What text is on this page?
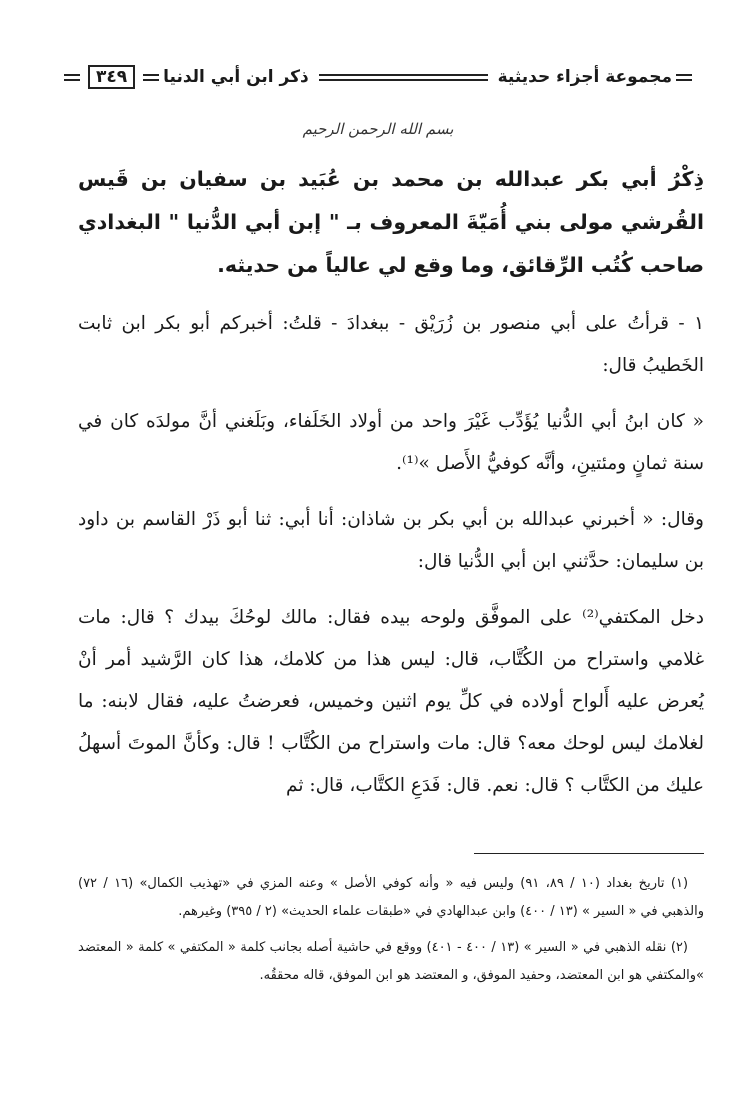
مجموعة أجزاء حديثية
ذكر ابن أبي الدنيا
٣٤٩
بسم الله الرحمن الرحيم

ذِكْرُ أبي بكر عبدالله بن محمد بن عُبَيد بن سفيان بن قَيس القُرشي مولى بني أُمَيّةَ المعروف بـ " إبن أبي الدُّنيا " البغدادي صاحب كُتُب الرِّقائق، وما وقع لي عالياً من حديثه.

١ - قرأتُ على أبي منصور بن زُرَيْق - ببغدادَ - قلتُ: أخبركم أبو بكر ابن ثابت الخَطيبُ قال:

« كان ابنُ أبي الدُّنيا يُؤَدِّب غَيْرَ واحد من أولاد الخَلَفاء، وبَلَغني أنَّ مولدَه كان في سنة ثمانٍ ومئتينِ، وأنَّه كوفيُّ الأَصل »⁽¹⁾.

وقال: « أخبرني عبدالله بن أبي بكر بن شاذان: أنا أبي: ثنا أبو ذَرْ القاسم بن داود بن سليمان: حدَّثني ابن أبي الدُّنيا قال:

دخل المكتفي⁽²⁾ على الموفَّق ولوحه بيده فقال: مالك لوحُكَ بيدك ؟ قال: مات غلامي واستراح من الكُتَّاب، قال: ليس هذا من كلامك، هذا كان الرَّشيد أمر أنْ يُعرض عليه أَلواح أولاده في كلِّ يوم اثنين وخميس، فعرضتُ عليه، فقال لابنه: ما لغلامك ليس لوحك معه؟ قال: مات واستراح من الكُتَّاب ! قال: وكأنَّ الموتَ أسهلُ عليك من الكتَّاب ؟ قال: نعم. قال: فَدَعِ الكتَّاب، قال: ثم

(١) تاريخ بغداد (١٠ / ٨٩، ٩١) وليس فيه « وأنه كوفي الأصل » وعنه المزي في «تهذيب الكمال» (١٦ / ٧٢) والذهبي في « السير » (١٣ / ٤٠٠) وابن عبدالهادي في «طبقات علماء الحديث» (٢ / ٣٩٥) وغيرهم.

(٢) نقله الذهبي في « السير » (١٣ / ٤٠٠ - ٤٠١) ووقع في حاشية أصله بجانب كلمة « المكتفي » كلمة « المعتضد »والمكتفي هو ابن المعتضد، وحفيد الموفق، و المعتضد هو ابن الموفق، قاله محققُه.
